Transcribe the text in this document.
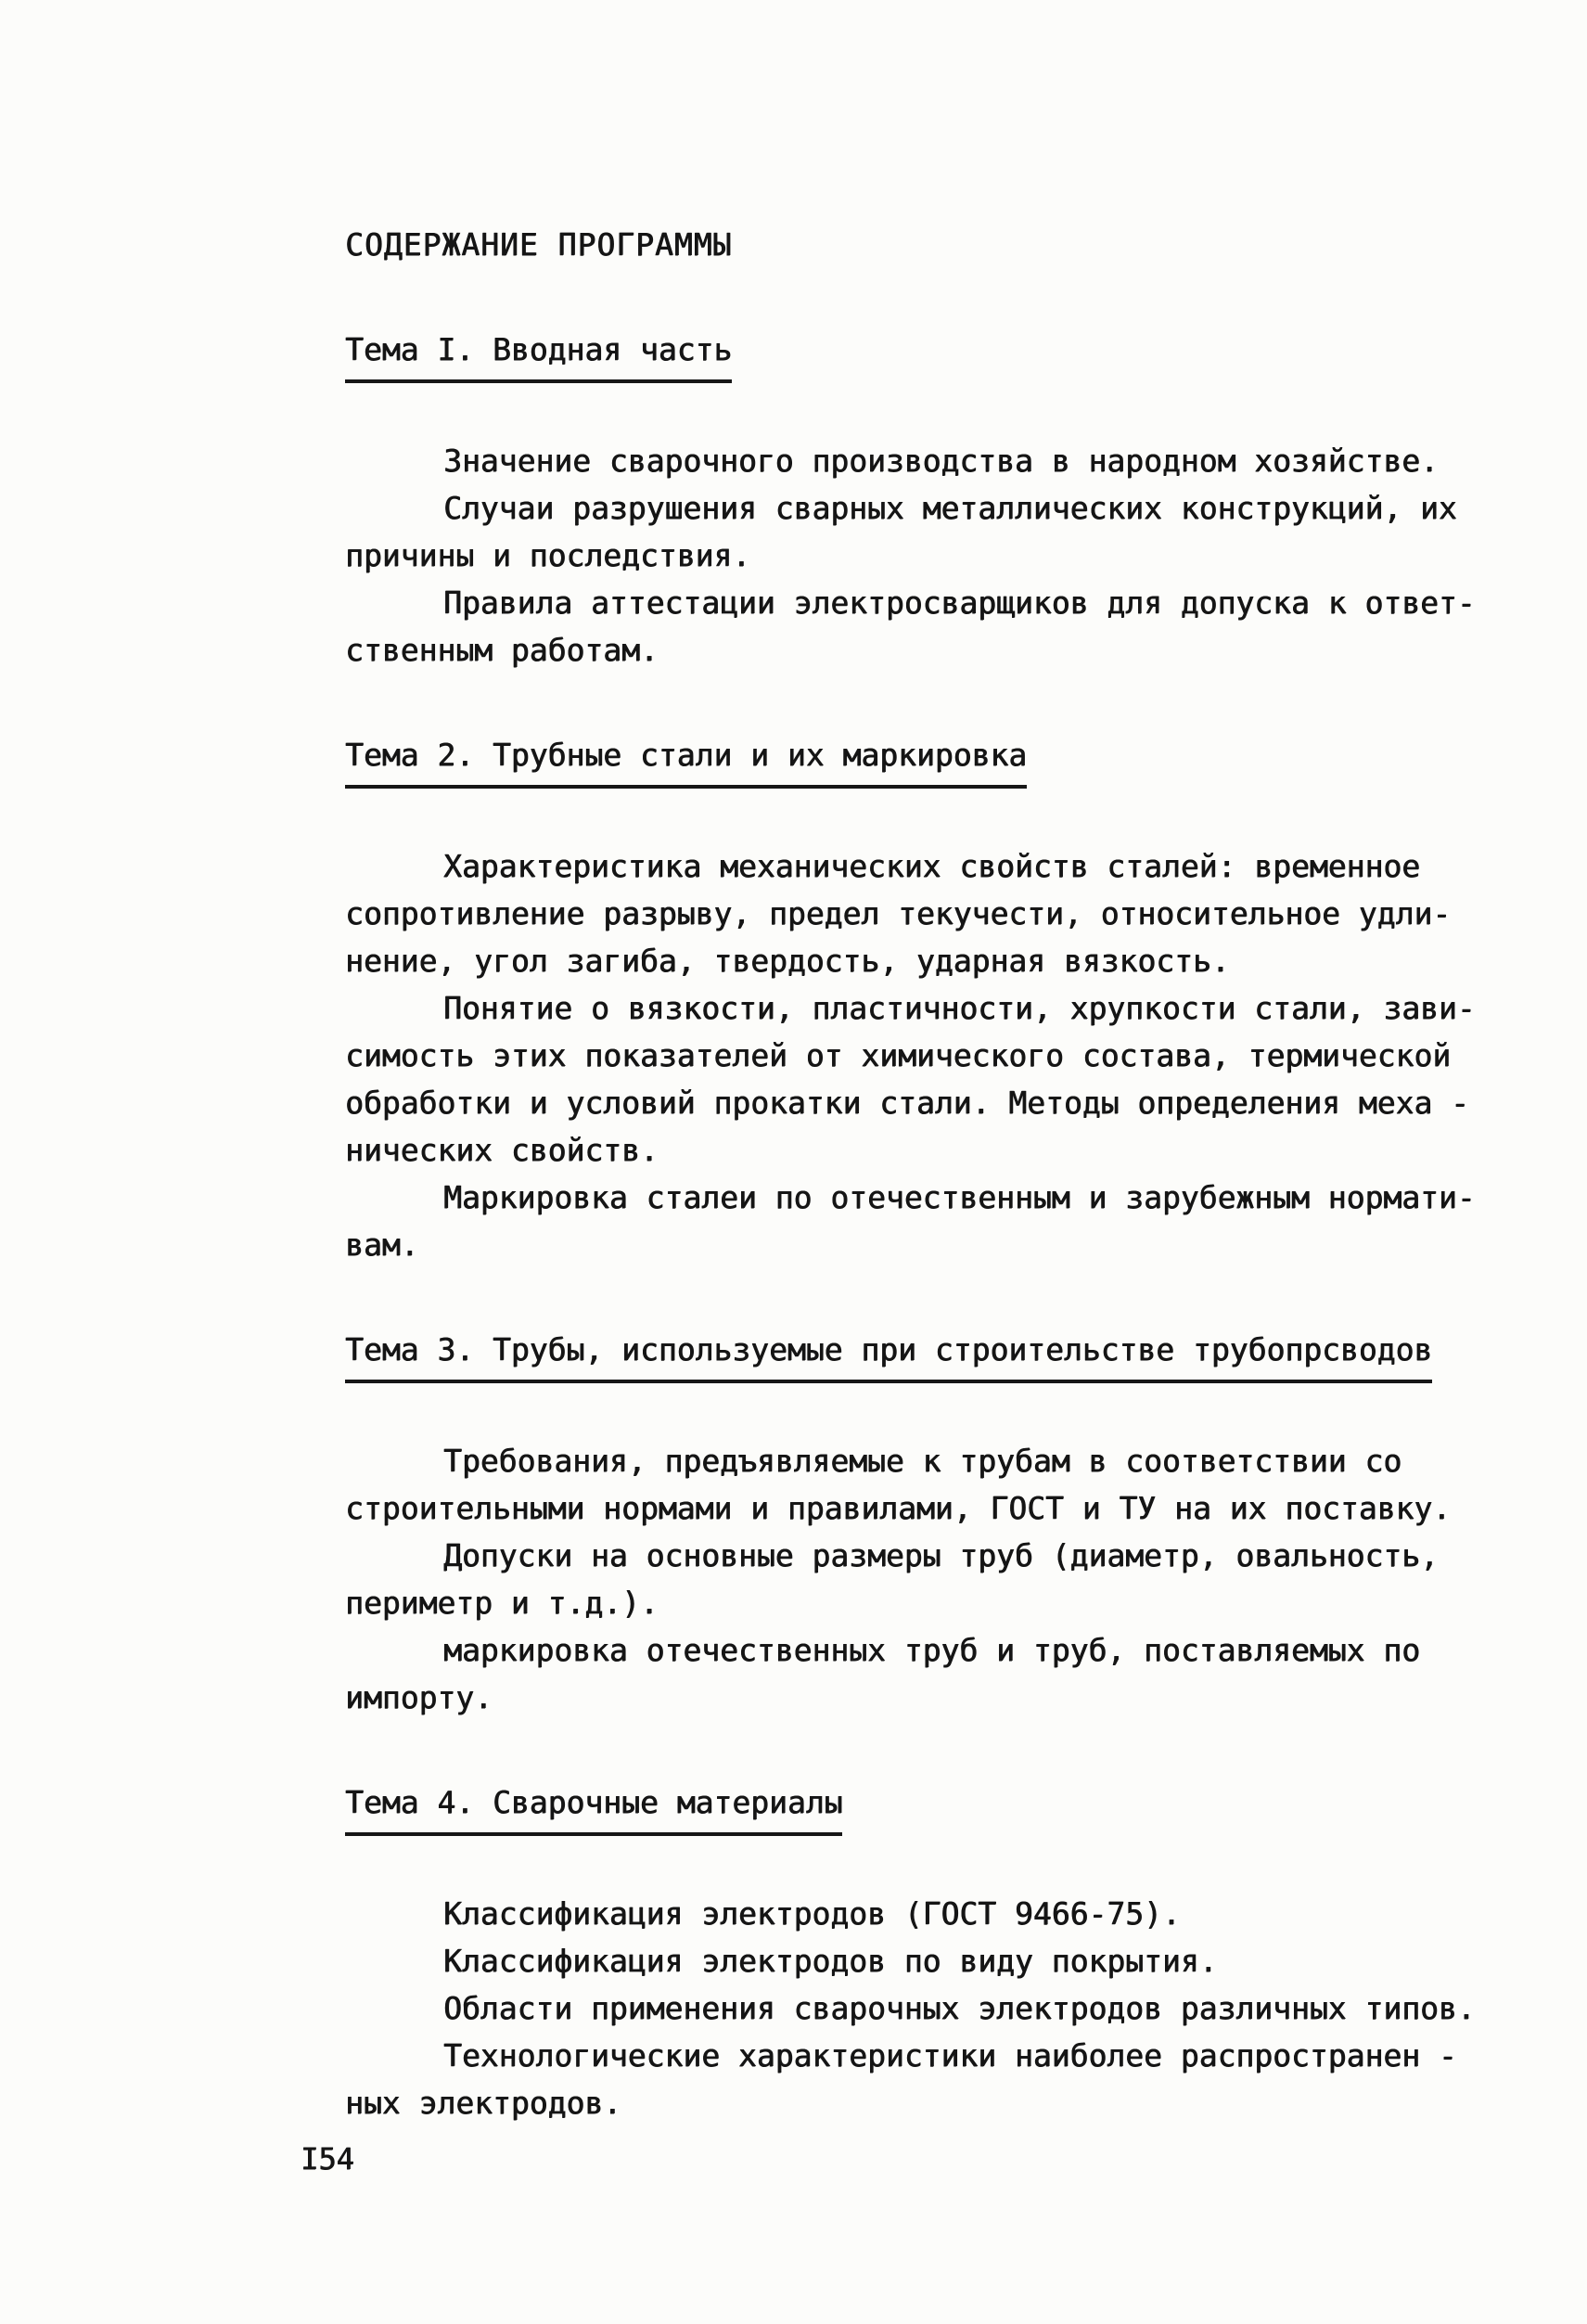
СОДЕРЖАНИЕ ПРОГРАММЫ
Тема I. Вводная часть

Значение сварочного производства в народном хозяйстве.

Случаи разрушения сварных металлических конструкций, их

причины и последствия.

Правила аттестации электросварщиков для допуска к ответ-

ственным работам.

Тема 2. Трубные стали и их маркировка

Характеристика механических свойств сталей: временное

сопротивление разрыву, предел текучести, относительное удли-

нение, угол загиба, твердость, ударная вязкость.

Понятие о вязкости, пластичности, хрупкости стали, зави-

симость этих показателей от химического состава, термической

обработки и условий прокатки стали. Методы определения меха -

нических свойств.

Маркировка сталеи по отечественным и зарубежным нормати-

вам.

Тема 3. Трубы, используемые при строительстве трубопрсводов

Требования, предъявляемые к трубам в соответствии со

строительными нормами и правилами, ГОСТ и ТУ на их поставку.

Допуски на основные размеры труб (диаметр, овальность,

периметр и т.д.).

маркировка отечественных труб и труб, поставляемых по

импорту.

Тема 4. Сварочные материалы

Классификация электродов (ГОСТ 9466-75).

Классификация электродов по виду покрытия.

Области применения сварочных электродов различных типов.

Технологические характеристики наиболее распространен -

ных электродов.

I54
